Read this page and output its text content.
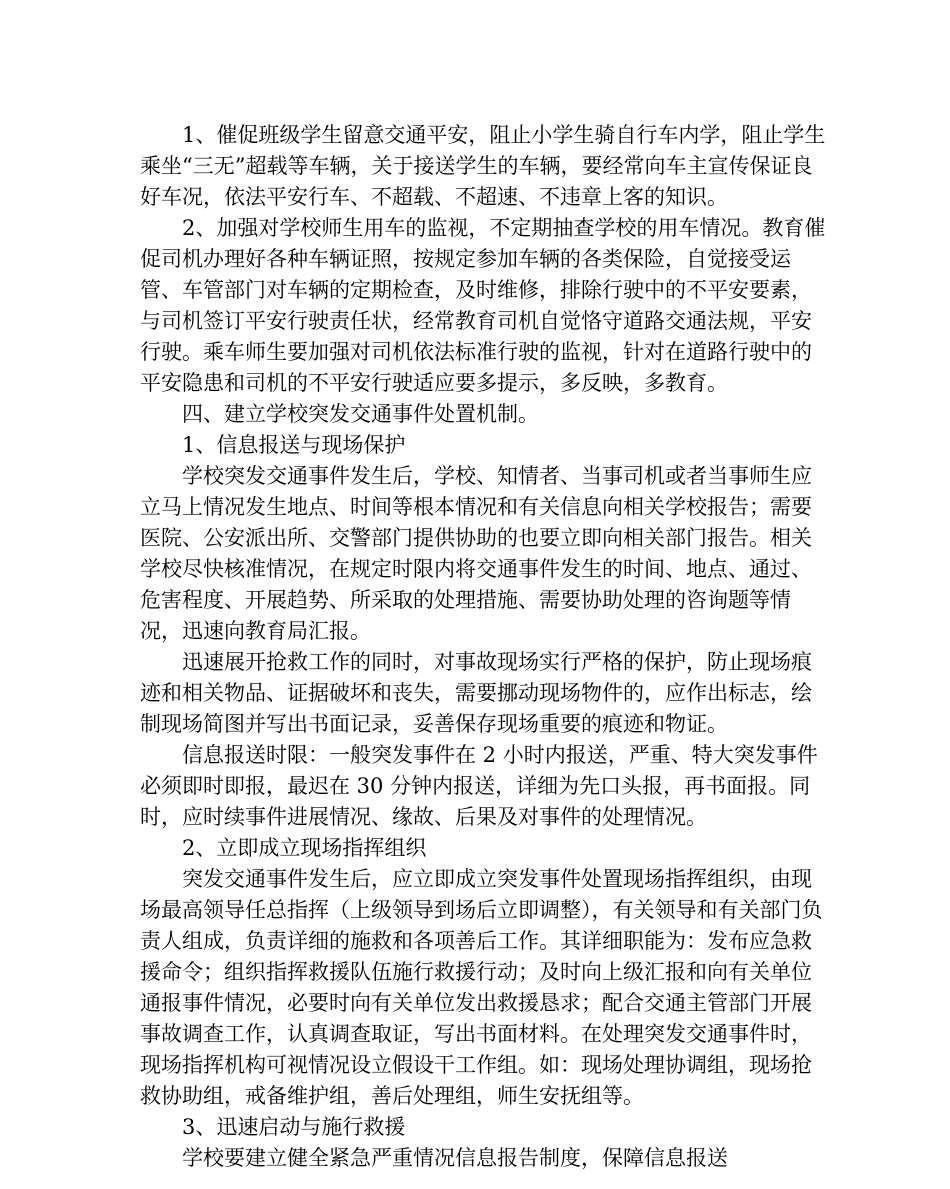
1、催促班级学生留意交通平安，阻止小学生骑自行车内学，阻止学生乘坐“三无”超载等车辆，关于接送学生的车辆，要经常向车主宣传保证良好车况，依法平安行车、不超载、不超速、不违章上客的知识。

2、加强对学校师生用车的监视，不定期抽查学校的用车情况。教育催促司机办理好各种车辆证照，按规定参加车辆的各类保险，自觉接受运管、车管部门对车辆的定期检查，及时维修，排除行驶中的不平安要素，与司机签订平安行驶责任状，经常教育司机自觉恪守道路交通法规，平安行驶。乘车师生要加强对司机依法标准行驶的监视，针对在道路行驶中的平安隐患和司机的不平安行驶适应要多提示，多反映，多教育。

四、建立学校突发交通事件处置机制。

1、信息报送与现场保护

学校突发交通事件发生后，学校、知情者、当事司机或者当事师生应立马上情况发生地点、时间等根本情况和有关信息向相关学校报告；需要医院、公安派出所、交警部门提供协助的也要立即向相关部门报告。相关学校尽快核准情况，在规定时限内将交通事件发生的时间、地点、通过、危害程度、开展趋势、所采取的处理措施、需要协助处理的咨询题等情况，迅速向教育局汇报。

迅速展开抢救工作的同时，对事故现场实行严格的保护，防止现场痕迹和相关物品、证据破坏和丧失，需要挪动现场物件的，应作出标志，绘制现场简图并写出书面记录，妥善保存现场重要的痕迹和物证。

信息报送时限：一般突发事件在 2 小时内报送，严重、特大突发事件必须即时即报，最迟在 30 分钟内报送，详细为先口头报，再书面报。同时，应时续事件进展情况、缘故、后果及对事件的处理情况。

2、立即成立现场指挥组织

突发交通事件发生后，应立即成立突发事件处置现场指挥组织，由现场最高领导任总指挥（上级领导到场后立即调整），有关领导和有关部门负责人组成，负责详细的施救和各项善后工作。其详细职能为：发布应急救援命令；组织指挥救援队伍施行救援行动；及时向上级汇报和向有关单位通报事件情况，必要时向有关单位发出救援恳求；配合交通主管部门开展事故调查工作，认真调查取证，写出书面材料。在处理突发交通事件时，现场指挥机构可视情况设立假设干工作组。如：现场处理协调组，现场抢救协助组，戒备维护组，善后处理组，师生安抚组等。

3、迅速启动与施行救援

学校要建立健全紧急严重情况信息报告制度，保障信息报送
